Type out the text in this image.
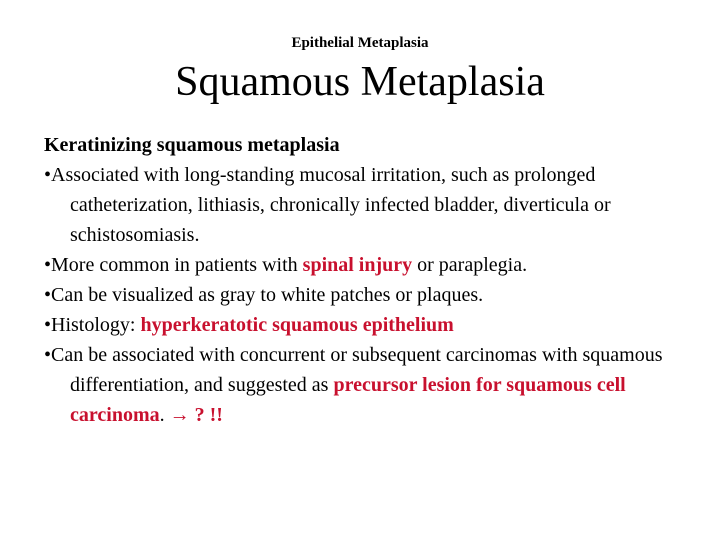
Epithelial Metaplasia
Squamous Metaplasia
Keratinizing squamous metaplasia
•Associated with long-standing mucosal irritation, such as prolonged catheterization, lithiasis, chronically infected bladder, diverticula or schistosomiasis.
•More common in patients with spinal injury or paraplegia.
•Can be visualized as gray to white patches or plaques.
•Histology: hyperkeratotic squamous epithelium
•Can be associated with concurrent or subsequent carcinomas with squamous differentiation, and suggested as precursor lesion for squamous cell carcinoma. → ? !!
